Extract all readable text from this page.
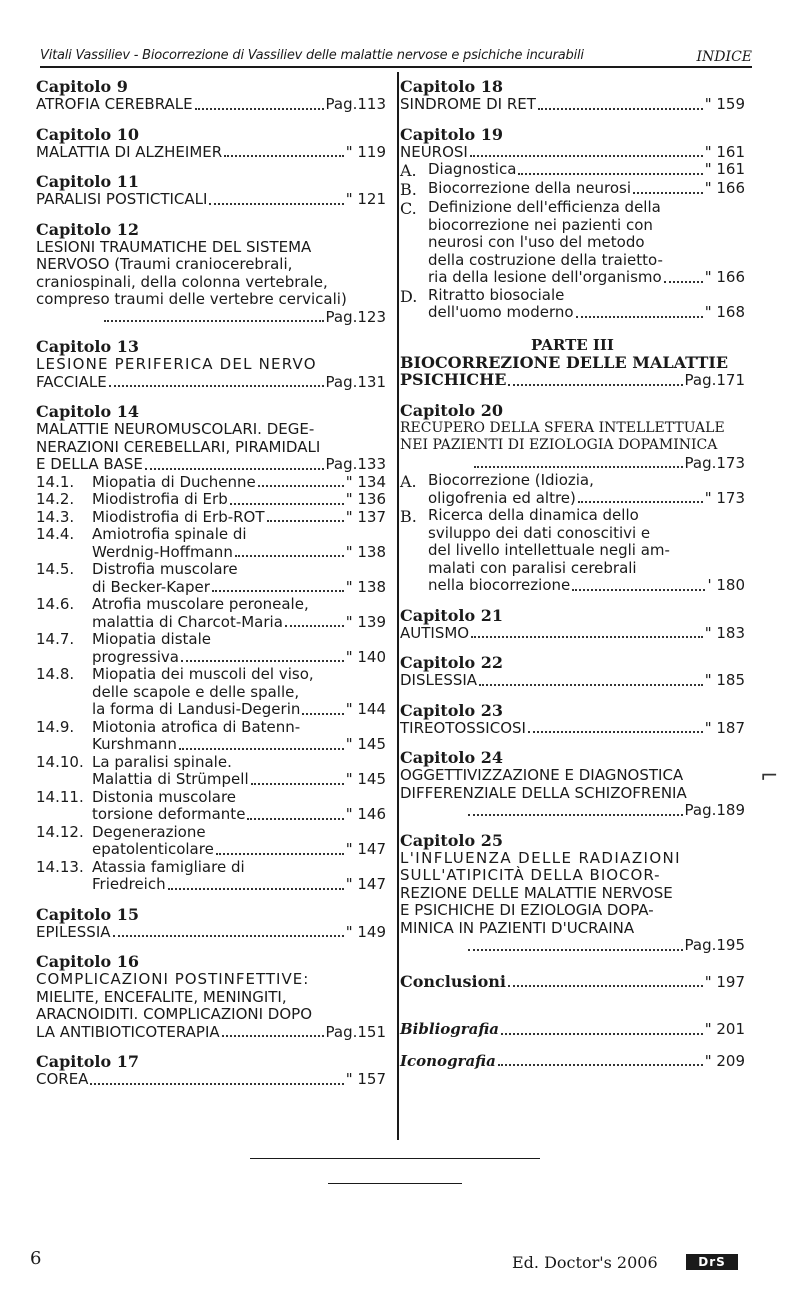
Vitali Vassiliev - Biocorrezione di Vassiliev delle malattie nervose e psichiche incurabili	INDICE
Capitolo 9
ATROFIA CEREBRALE	Pag.113
Capitolo 10
MALATTIA DI ALZHEIMER	" 119
Capitolo 11
PARALISI POSTICTICALI	" 121
Capitolo 12
LESIONI TRAUMATICHE DEL SISTEMA
NERVOSO (Traumi craniocerebrali,
craniospinali, della colonna vertebrale,
compreso traumi delle vertebre cervicali)
Pag.123
Capitolo 13
LESIONE PERIFERICA DEL NERVO
FACCIALE	Pag.131
Capitolo 14
MALATTIE NEUROMUSCOLARI. DEGE-
NERAZIONI CEREBELLARI, PIRAMIDALI
E DELLA BASE	Pag.133
14.1.	Miopatia di Duchenne	" 134
14.2.	Miodistrofia di Erb	" 136
14.3.	Miodistrofia di Erb-ROT	" 137
14.4. Amiotrofia spinale di
Werdnig-Hoffmann	" 138
14.5. Distrofia muscolare
di Becker-Kaper	" 138
14.6. Atrofia muscolare peroneale,
malattia di Charcot-Maria	" 139
14.7. Miopatia distale
progressiva	" 140
14.8. Miopatia dei muscoli del viso,
delle scapole e delle spalle,
la forma di Landusi-Degerin	" 144
14.9. Miotonia atrofica di Batenn-
Kurshmann	" 145
14.10. La paralisi spinale.
Malattia di Strümpell	" 145
14.11. Distonia muscolare
torsione deformante	" 146
14.12. Degenerazione
epatolenticolare	" 147
14.13. Atassia famigliare di
Friedreich	" 147
Capitolo 15
EPILESSIA	" 149
Capitolo 16
COMPLICAZIONI POSTINFETTIVE:
MIELITE, ENCEFALITE, MENINGITI,
ARACNOIDITI. COMPLICAZIONI DOPO
LA ANTIBIOTICOTERAPIA	Pag.151
Capitolo 17
COREA	" 157
Capitolo 18
SINDROME DI RET	" 159
Capitolo 19
NEUROSI	" 161
A. Diagnostica	" 161
B. Biocorrezione della neurosi	" 166
C. Definizione dell'efficienza della
biocorrezione nei pazienti con
neurosi con l'uso del metodo
della costruzione della traietto-
ria della lesione dell'organismo	" 166
D. Ritratto biosociale
dell'uomo moderno	" 168
PARTE III
BIOCORREZIONE DELLE MALATTIE
PSICHICHE	Pag.171
Capitolo 20
RECUPERO DELLA SFERA INTELLETTUALE
NEI PAZIENTI DI EZIOLOGIA DOPAMINICA
Pag.173
A. Biocorrezione (Idiozia,
oligofrenia ed altre)	" 173
B. Ricerca della dinamica dello
sviluppo dei dati conoscitivi e
del livello intellettuale negli am-
malati con paralisi cerebrali
nella biocorrezione	' 180
Capitolo 21
AUTISMO	" 183
Capitolo 22
DISLESSIA	" 185
Capitolo 23
TIREOTOSSICOSI	" 187
Capitolo 24
OGGETTIVIZZAZIONE E DIAGNOSTICA
DIFFERENZIALE DELLA SCHIZOFRENIA
Pag.189
Capitolo 25
L'INFLUENZA DELLE RADIAZIONI
SULL'ATIPICITÀ DELLA BIOCOR-
REZIONE DELLE MALATTIE NERVOSE
E PSICHICHE DI EZIOLOGIA DOPA-
MINICA IN PAZIENTI D'UCRAINA
Pag.195
Conclusioni	" 197
Bibliografia	" 201
Iconografia	" 209
⌐
6	Ed. Doctor's 2006	DrS
